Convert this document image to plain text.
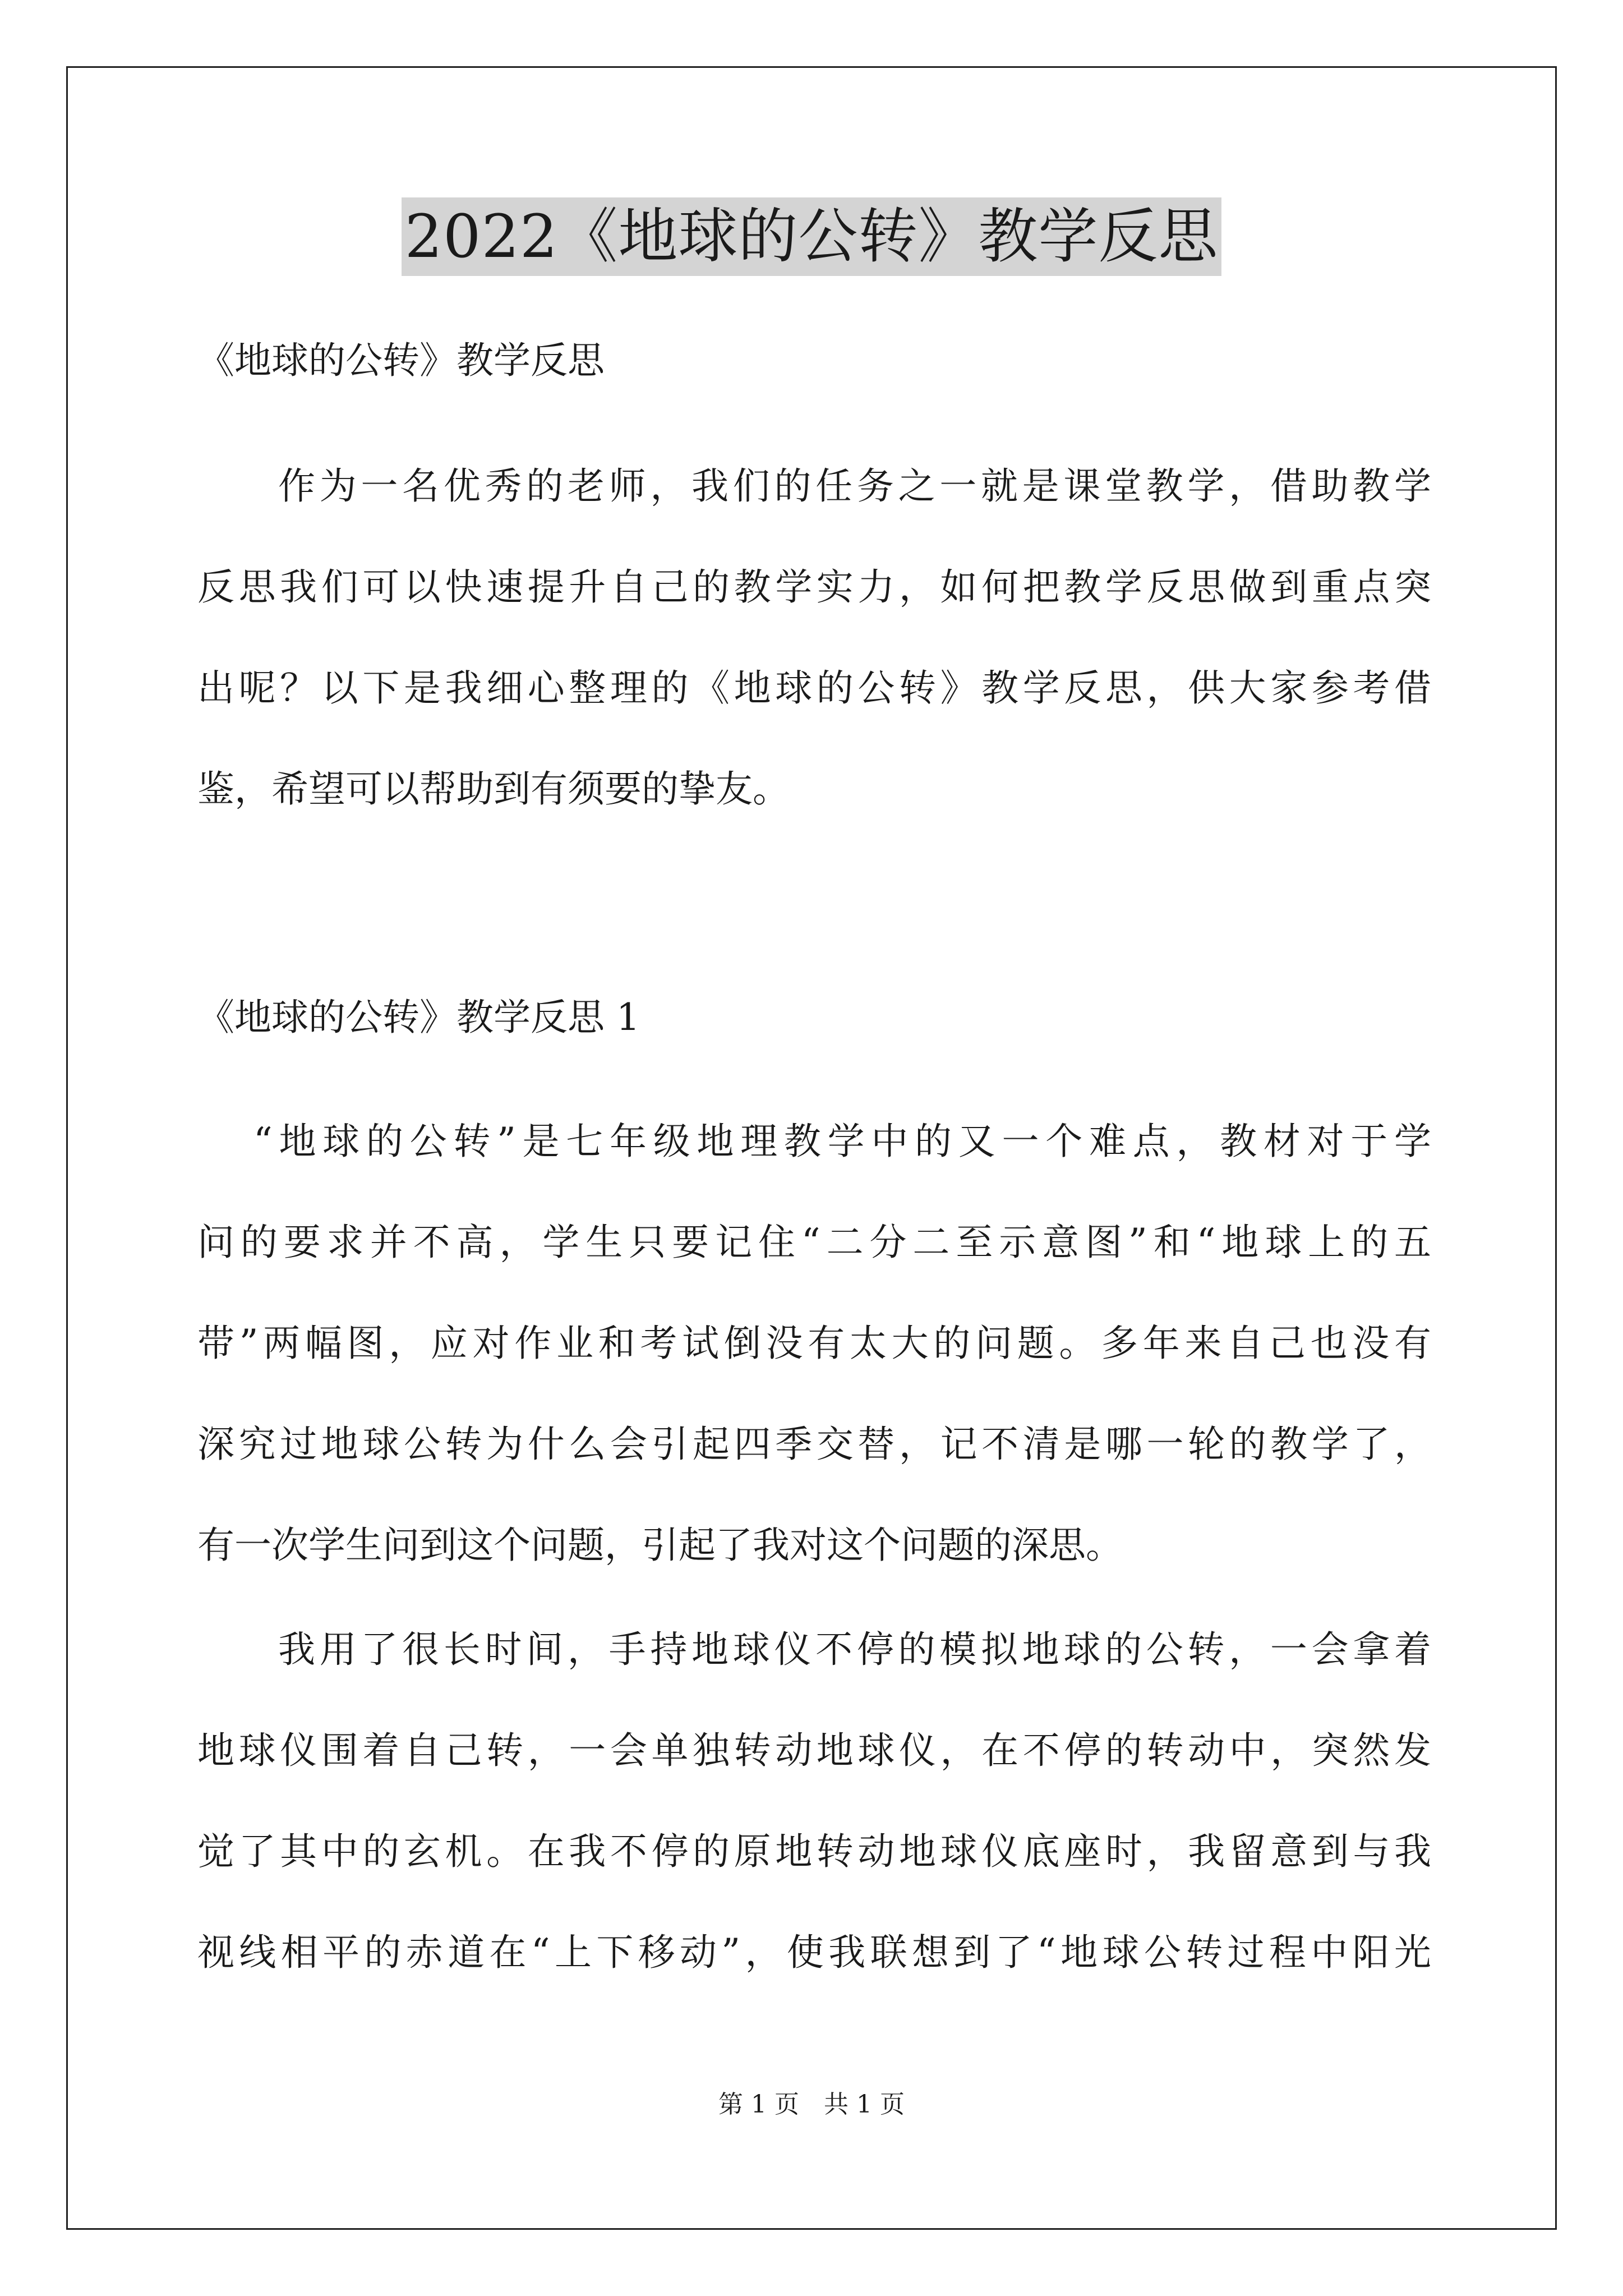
2022《地球的公转》教学反思
《地球的公转》教学反思
作为一名优秀的老师，我们的任务之一就是课堂教学，借助教学
反思我们可以快速提升自己的教学实力，如何把教学反思做到重点突
出呢？以下是我细心整理的《地球的公转》教学反思，供大家参考借
鉴，希望可以帮助到有须要的挚友。
《地球的公转》教学反思 1
“地球的公转”是七年级地理教学中的又一个难点，教材对于学
问的要求并不高，学生只要记住“二分二至示意图”和“地球上的五
带”两幅图，应对作业和考试倒没有太大的问题。多年来自己也没有
深究过地球公转为什么会引起四季交替，记不清是哪一轮的教学了，
有一次学生问到这个问题，引起了我对这个问题的深思。
我用了很长时间，手持地球仪不停的模拟地球的公转，一会拿着
地球仪围着自己转，一会单独转动地球仪，在不停的转动中，突然发
觉了其中的玄机。在我不停的原地转动地球仪底座时，我留意到与我
视线相平的赤道在“上下移动”，使我联想到了“地球公转过程中阳光
第 1 页　共 1 页
